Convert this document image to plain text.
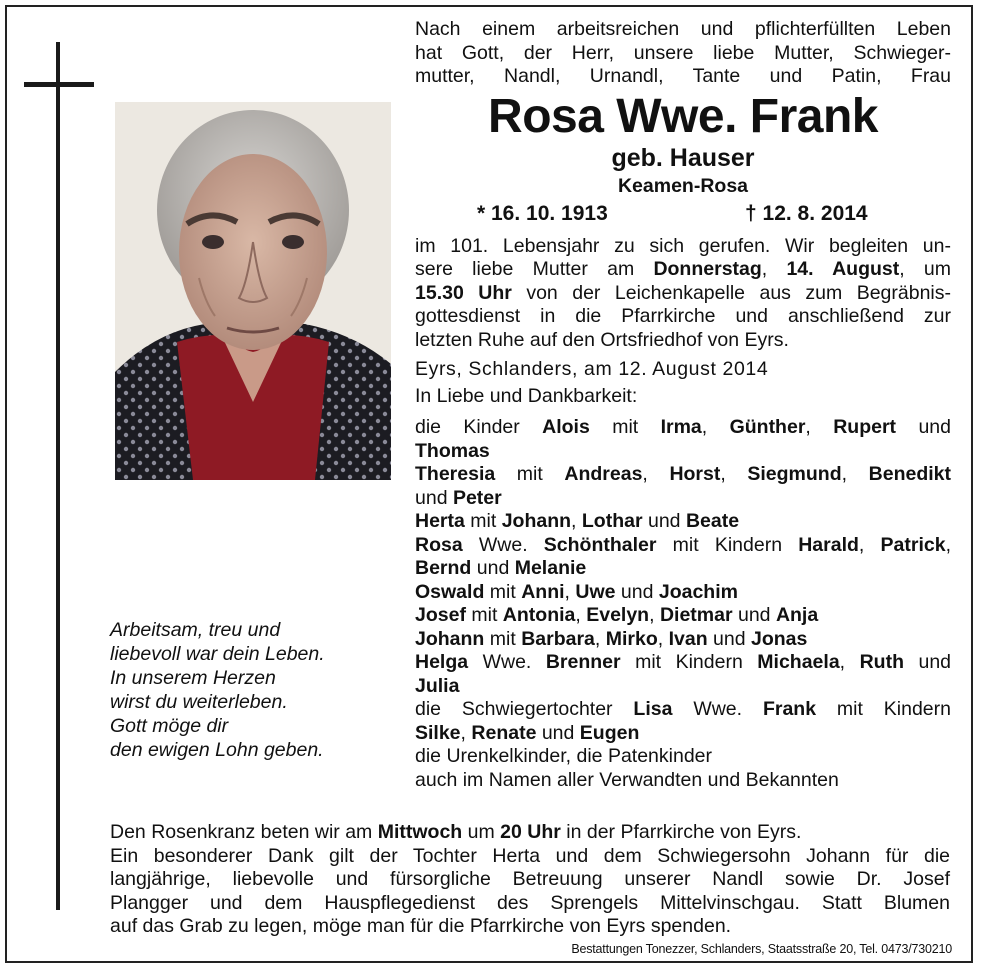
Arbeitsam, treu und
liebevoll war dein Leben.
In unserem Herzen
wirst du weiterleben.
Gott möge dir
den ewigen Lohn geben.
Nach einem arbeitsreichen und pflichterfüllten Leben
hat Gott, der Herr, unsere liebe Mutter, Schwieger-
mutter, Nandl, Urnandl, Tante und Patin, Frau
Rosa Wwe. Frank
geb. Hauser
Keamen-Rosa
* 16. 10. 1913	† 12. 8. 2014
im 101. Lebensjahr zu sich gerufen. Wir begleiten un-
sere liebe Mutter am Donnerstag, 14. August, um
15.30 Uhr von der Leichenkapelle aus zum Begräbnis-
gottesdienst in die Pfarrkirche und anschließend zur
letzten Ruhe auf den Ortsfriedhof von Eyrs.
Eyrs, Schlanders, am 12. August 2014
In Liebe und Dankbarkeit:
die Kinder Alois mit Irma, Günther, Rupert und
Thomas
Theresia mit Andreas, Horst, Siegmund, Benedikt
und Peter
Herta mit Johann, Lothar und Beate
Rosa Wwe. Schönthaler mit Kindern Harald, Patrick,
Bernd und Melanie
Oswald mit Anni, Uwe und Joachim
Josef mit Antonia, Evelyn, Dietmar und Anja
Johann mit Barbara, Mirko, Ivan und Jonas
Helga Wwe. Brenner mit Kindern Michaela, Ruth und
Julia
die Schwiegertochter Lisa Wwe. Frank mit Kindern
Silke, Renate und Eugen
die Urenkelkinder, die Patenkinder
auch im Namen aller Verwandten und Bekannten
Den Rosenkranz beten wir am Mittwoch um 20 Uhr in der Pfarrkirche von Eyrs.
Ein besonderer Dank gilt der Tochter Herta und dem Schwiegersohn Johann für die
langjährige, liebevolle und fürsorgliche Betreuung unserer Nandl sowie Dr. Josef
Plangger und dem Hauspflegedienst des Sprengels Mittelvinschgau. Statt Blumen
auf das Grab zu legen, möge man für die Pfarrkirche von Eyrs spenden.
Bestattungen Tonezzer, Schlanders, Staatsstraße 20, Tel. 0473/730210
